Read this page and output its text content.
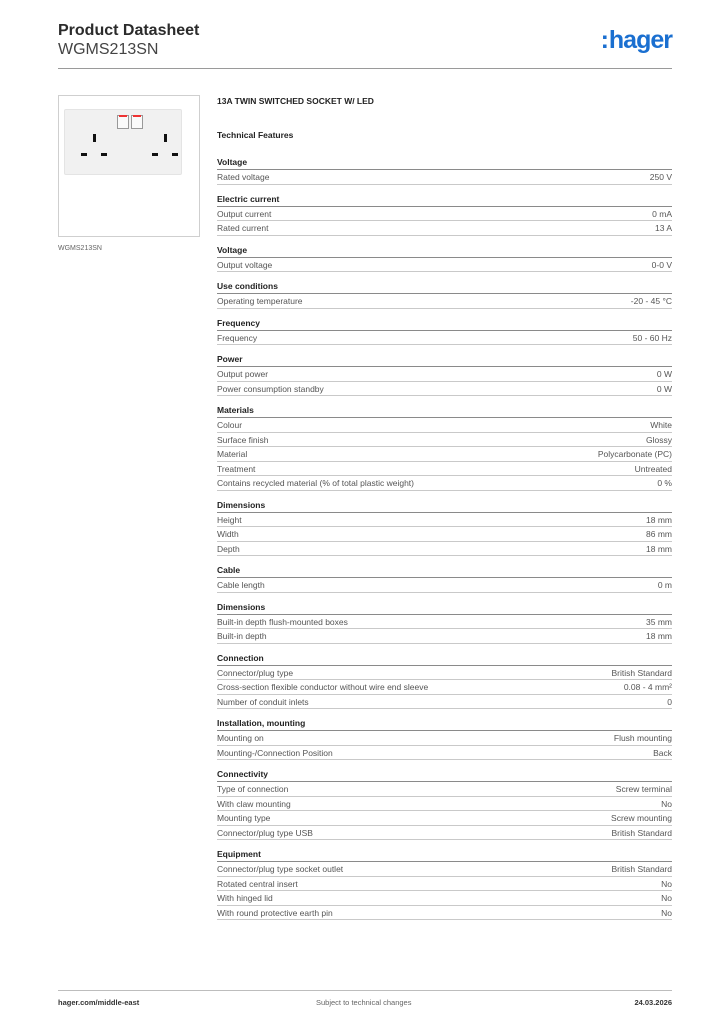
Product Datasheet
WGMS213SN	:hager
WGMS213SN
13A TWIN SWITCHED SOCKET W/ LED
Technical Features
Voltage
Rated voltage	250 V
Electric current
Output current	0 mA
Rated current	13 A
Voltage
Output voltage	0-0 V
Use conditions
Operating temperature	-20 - 45 °C
Frequency
Frequency	50 - 60 Hz
Power
Output power	0 W
Power consumption standby	0 W
Materials
Colour	White
Surface finish	Glossy
Material	Polycarbonate (PC)
Treatment	Untreated
Contains recycled material (% of total plastic weight)	0 %
Dimensions
Height	18 mm
Width	86 mm
Depth	18 mm
Cable
Cable length	0 m
Dimensions
Built-in depth flush-mounted boxes	35 mm
Built-in depth	18 mm
Connection
Connector/plug type	British Standard
Cross-section flexible conductor without wire end sleeve	0.08 - 4 mm²
Number of conduit inlets	0
Installation, mounting
Mounting on	Flush mounting
Mounting-/Connection Position	Back
Connectivity
Type of connection	Screw terminal
With claw mounting	No
Mounting type	Screw mounting
Connector/plug type USB	British Standard
Equipment
Connector/plug type socket outlet	British Standard
Rotated central insert	No
With hinged lid	No
With round protective earth pin	No
hager.com/middle-east	Subject to technical changes	24.03.2026
